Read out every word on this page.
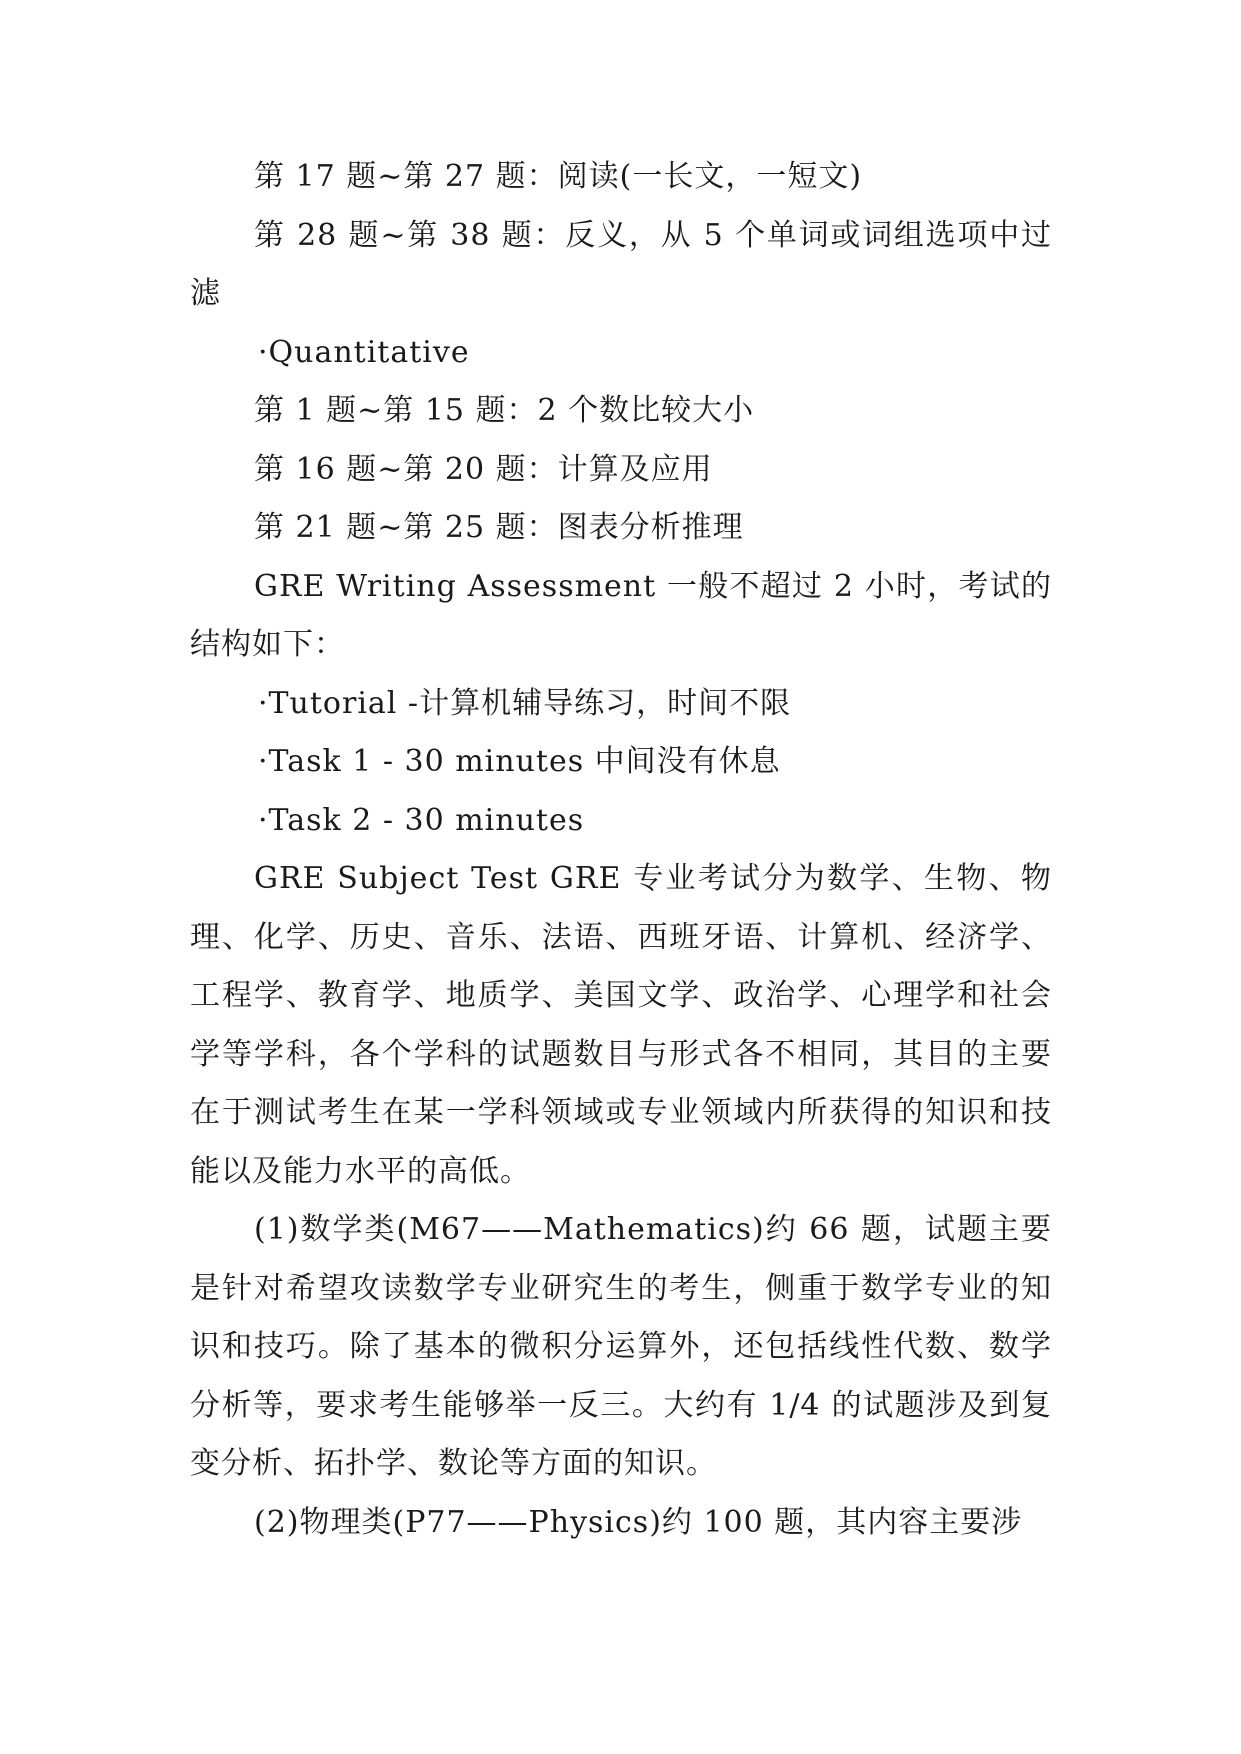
第 17 题~第 27 题：阅读(一长文，一短文)

第 28 题~第 38 题：反义，从 5 个单词或词组选项中过滤

·Quantitative
第 1 题~第 15 题：2 个数比较大小
第 16 题~第 20 题：计算及应用
第 21 题~第 25 题：图表分析推理

GRE Writing Assessment 一般不超过 2 小时，考试的结构如下：

·Tutorial -计算机辅导练习，时间不限
·Task 1 - 30 minutes 中间没有休息
·Task 2 - 30 minutes

GRE Subject Test GRE 专业考试分为数学、生物、物理、化学、历史、音乐、法语、西班牙语、计算机、经济学、工程学、教育学、地质学、美国文学、政治学、心理学和社会学等学科，各个学科的试题数目与形式各不相同，其目的主要在于测试考生在某一学科领域或专业领域内所获得的知识和技能以及能力水平的高低。

(1)数学类(M67——Mathematics)约 66 题，试题主要是针对希望攻读数学专业研究生的考生，侧重于数学专业的知识和技巧。除了基本的微积分运算外，还包括线性代数、数学分析等，要求考生能够举一反三。大约有 1/4 的试题涉及到复变分析、拓扑学、数论等方面的知识。

(2)物理类(P77——Physics)约 100 题，其内容主要涉
